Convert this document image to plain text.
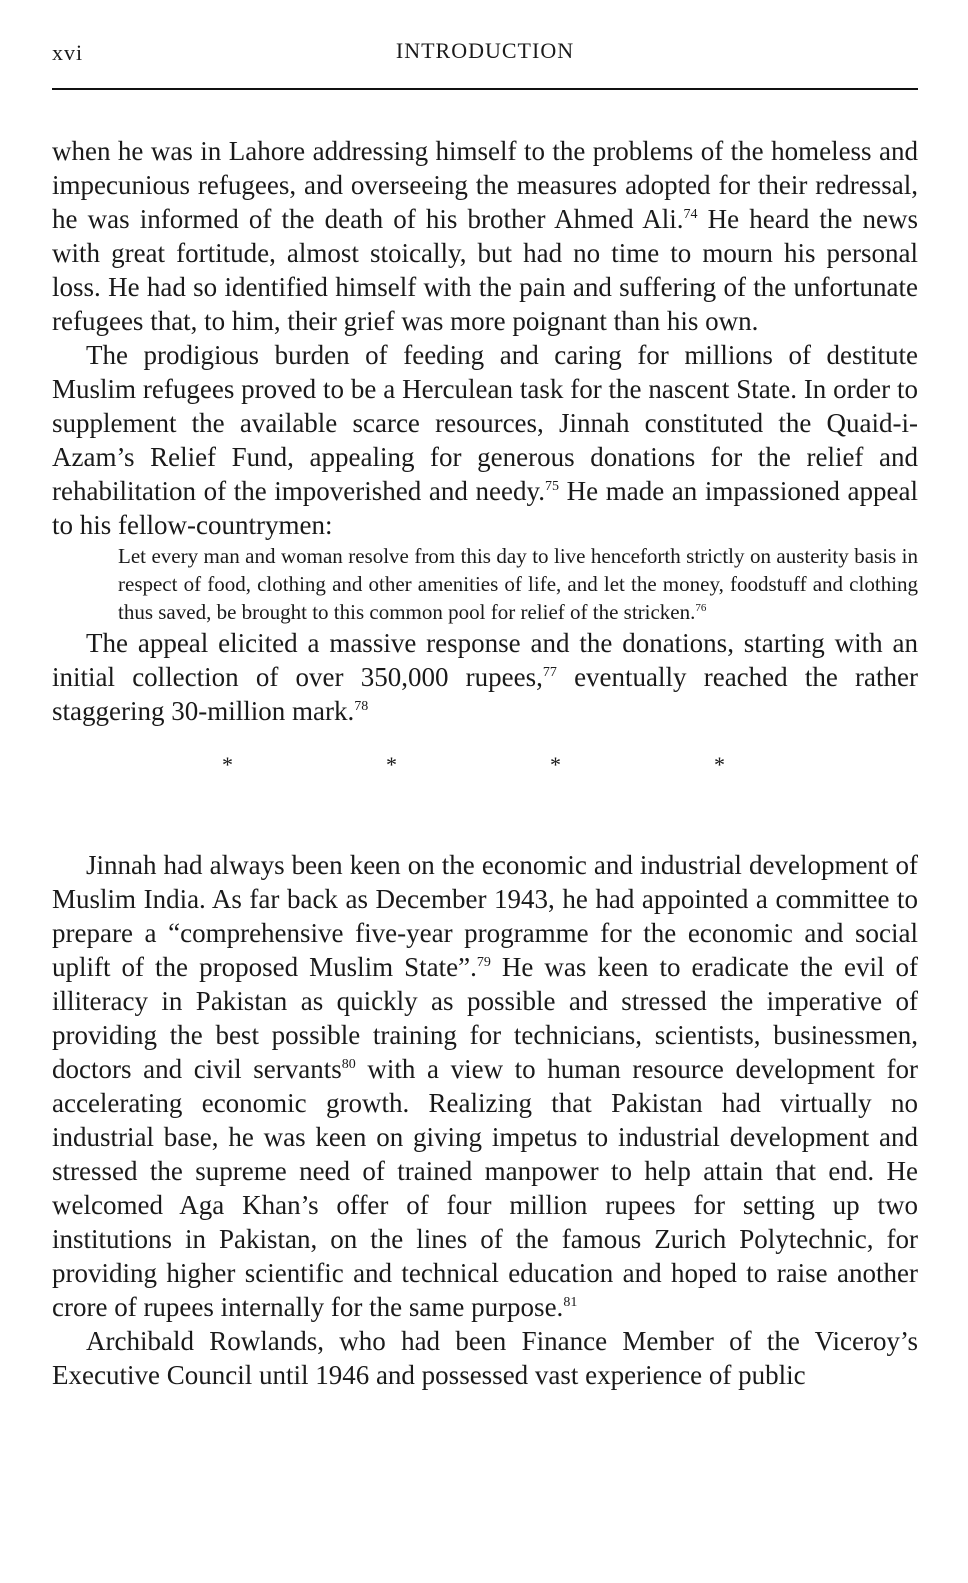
xvi	INTRODUCTION

when he was in Lahore addressing himself to the problems of the homeless and impecunious refugees, and overseeing the measures adopted for their redressal, he was informed of the death of his brother Ahmed Ali.$^{74}$ He heard the news with great fortitude, almost stoically, but had no time to mourn his personal loss. He had so identified himself with the pain and suffering of the unfortunate refugees that, to him, their grief was more poignant than his own.

The prodigious burden of feeding and caring for millions of destitute Muslim refugees proved to be a Herculean task for the nascent State. In order to supplement the available scarce resources, Jinnah constituted the Quaid-i-Azam’s Relief Fund, appealing for generous donations for the relief and rehabilitation of the impoverished and needy.$^{75}$ He made an impassioned appeal to his fellow-countrymen:

Let every man and woman resolve from this day to live henceforth strictly on austerity basis in respect of food, clothing and other amenities of life, and let the money, foodstuff and clothing thus saved, be brought to this common pool for relief of the stricken.$^{76}$

The appeal elicited a massive response and the donations, starting with an initial collection of over 350,000 rupees,$^{77}$ eventually reached the rather staggering 30-million mark.$^{78}$

*	*	*	*

Jinnah had always been keen on the economic and industrial development of Muslim India. As far back as December 1943, he had appointed a committee to prepare a “comprehensive five-year programme for the economic and social uplift of the proposed Muslim State”.$^{79}$ He was keen to eradicate the evil of illiteracy in Pakistan as quickly as possible and stressed the imperative of providing the best possible training for technicians, scientists, businessmen, doctors and civil servants$^{80}$ with a view to human resource development for accelerating economic growth. Realizing that Pakistan had virtually no industrial base, he was keen on giving impetus to industrial development and stressed the supreme need of trained manpower to help attain that end. He welcomed Aga Khan’s offer of four million rupees for setting up two institutions in Pakistan, on the lines of the famous Zurich Polytechnic, for providing higher scientific and technical education and hoped to raise another crore of rupees internally for the same purpose.$^{81}$

Archibald Rowlands, who had been Finance Member of the Viceroy’s Executive Council until 1946 and possessed vast experience of public
